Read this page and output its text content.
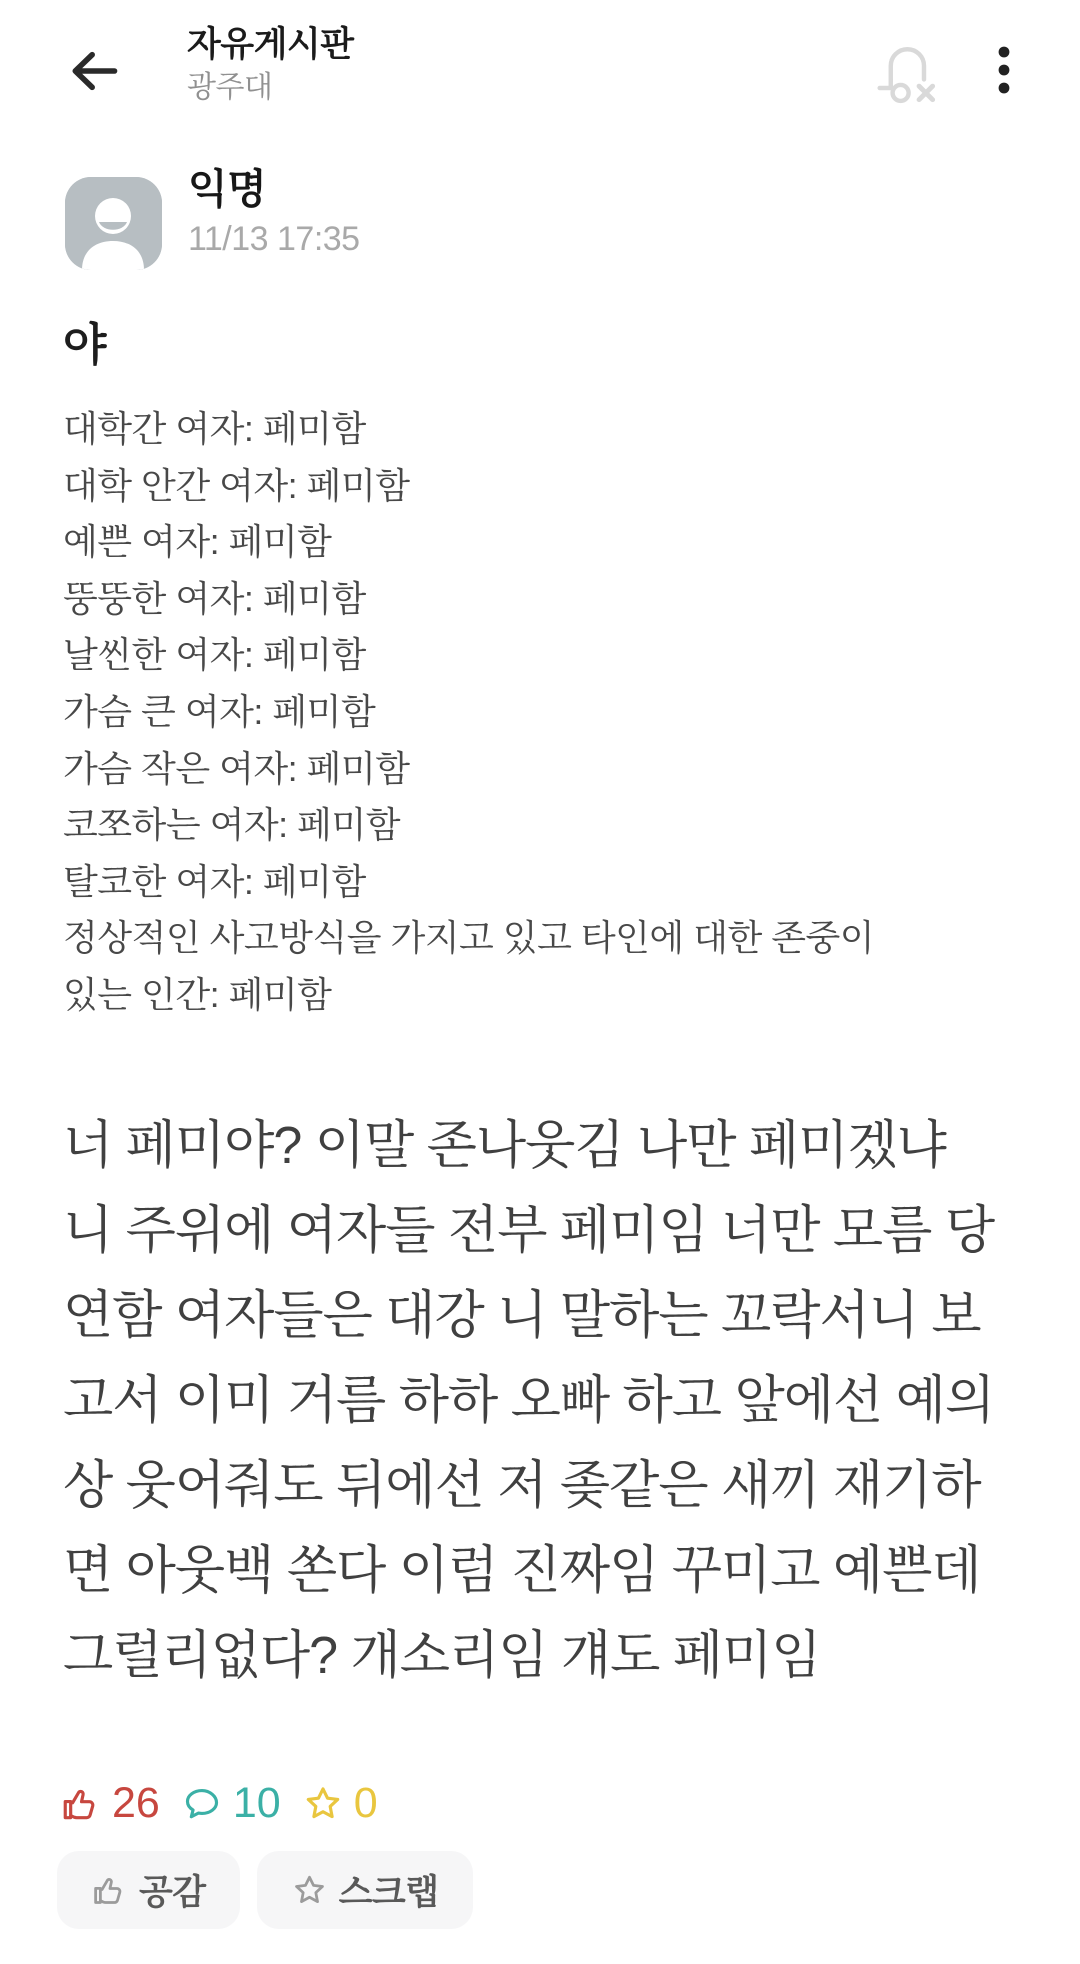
자유게시판
광주대
익명
11/13 17:35
야
대학간 여자: 페미함
대학 안간 여자: 페미함
예쁜 여자: 페미함
뚱뚱한 여자: 페미함
날씬한 여자: 페미함
가슴 큰 여자: 페미함
가슴 작은 여자: 페미함
코쪼하는 여자: 페미함
탈코한 여자: 페미함
정상적인 사고방식을 가지고 있고 타인에 대한 존중이
있는 인간: 페미함
너 페미야? 이말 존나웃김 나만 페미겠냐
니 주위에 여자들 전부 페미임 너만 모름 당
연함 여자들은 대강 니 말하는 꼬락서니 보
고서 이미 거름 하하 오빠 하고 앞에선 예의
상 웃어줘도 뒤에선 저 좆같은 새끼 재기하
면 아웃백 쏜다 이럼 진짜임 꾸미고 예쁜데
그럴리없다? 개소리임 걔도 페미임
26 10 0
공감	스크랩
